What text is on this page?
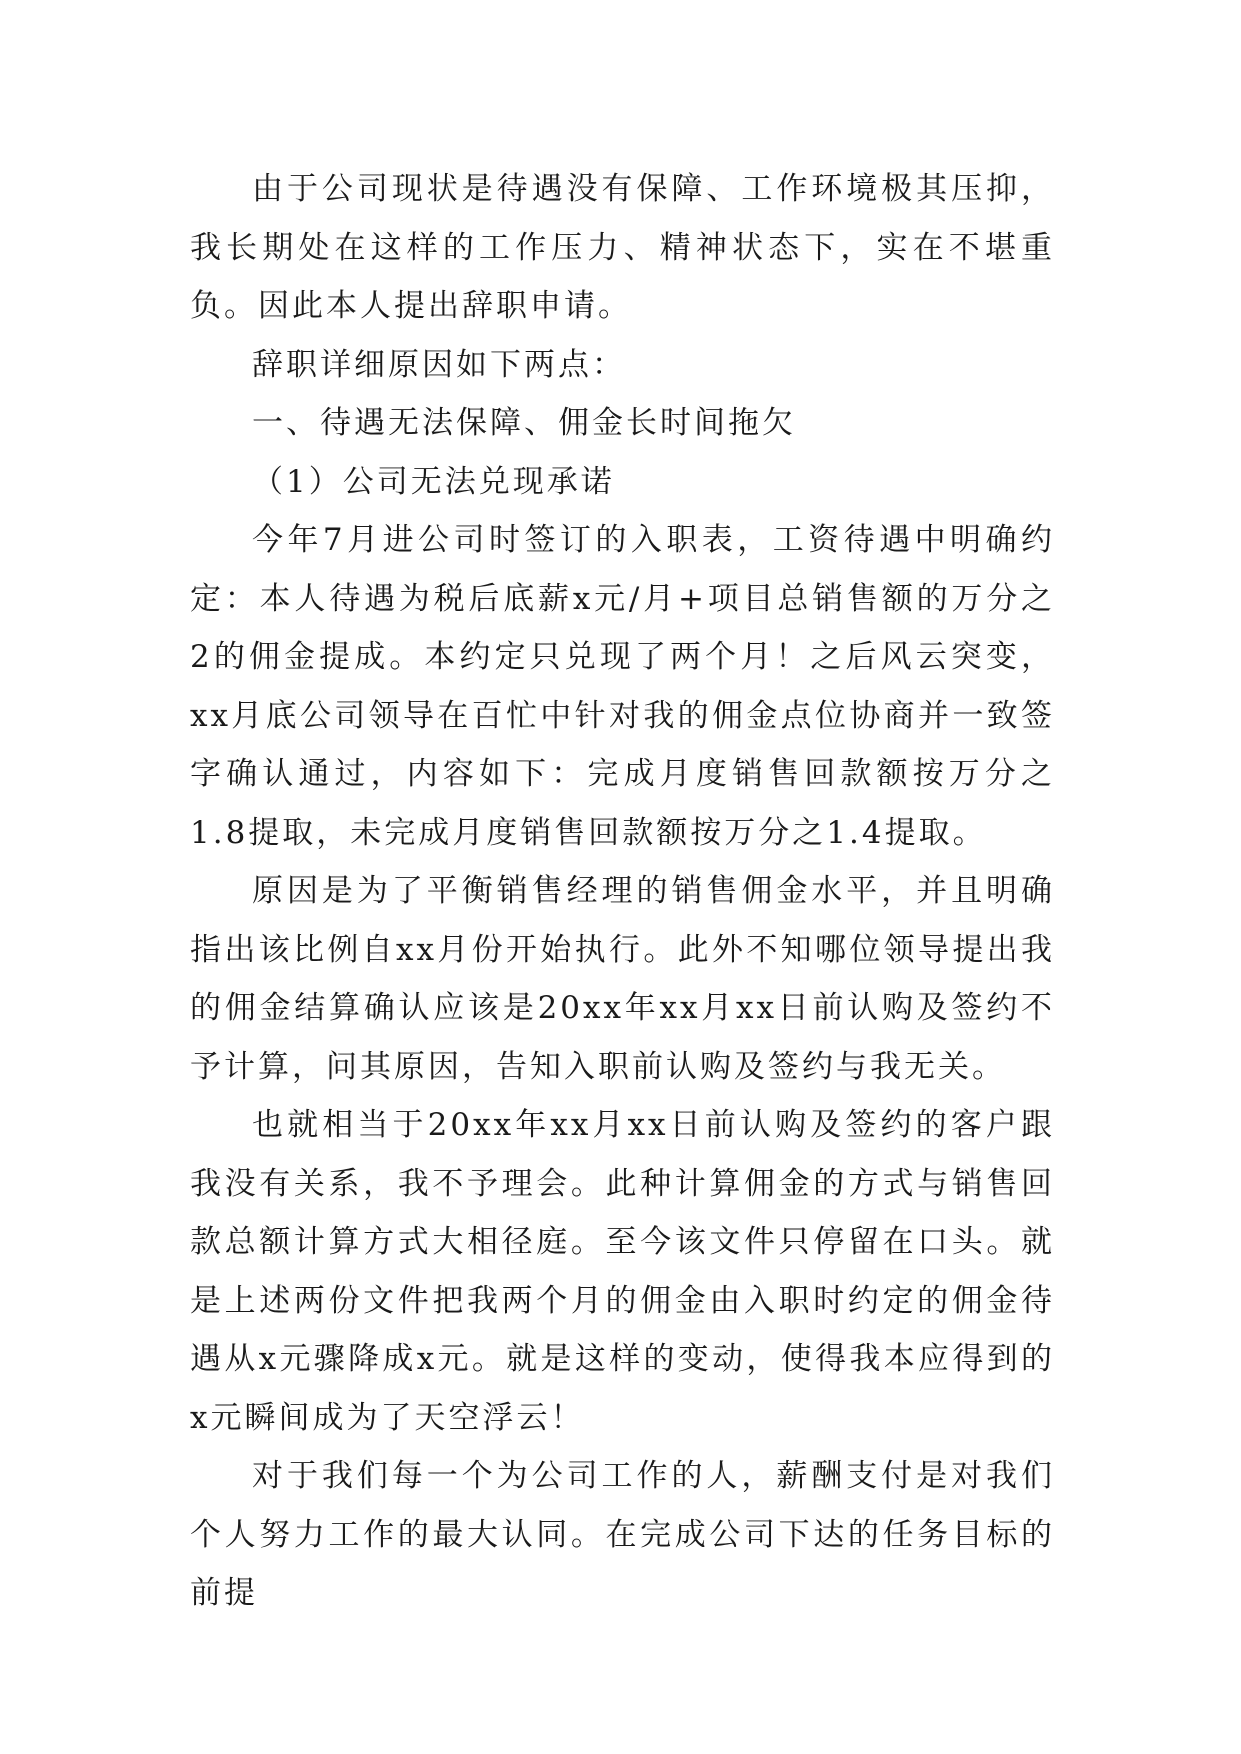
由于公司现状是待遇没有保障、工作环境极其压抑，我长期处在这样的工作压力、精神状态下，实在不堪重负。因此本人提出辞职申请。

辞职详细原因如下两点：

一、待遇无法保障、佣金长时间拖欠

（1）公司无法兑现承诺

今年7月进公司时签订的入职表，工资待遇中明确约定：本人待遇为税后底薪x元/月+项目总销售额的万分之2的佣金提成。本约定只兑现了两个月！之后风云突变，xx月底公司领导在百忙中针对我的佣金点位协商并一致签字确认通过，内容如下：完成月度销售回款额按万分之1.8提取，未完成月度销售回款额按万分之1.4提取。

原因是为了平衡销售经理的销售佣金水平，并且明确指出该比例自xx月份开始执行。此外不知哪位领导提出我的佣金结算确认应该是20xx年xx月xx日前认购及签约不予计算，问其原因，告知入职前认购及签约与我无关。

也就相当于20xx年xx月xx日前认购及签约的客户跟我没有关系，我不予理会。此种计算佣金的方式与销售回款总额计算方式大相径庭。至今该文件只停留在口头。就是上述两份文件把我两个月的佣金由入职时约定的佣金待遇从x元骤降成x元。就是这样的变动，使得我本应得到的x元瞬间成为了天空浮云！

对于我们每一个为公司工作的人，薪酬支付是对我们个人努力工作的最大认同。在完成公司下达的任务目标的前提
